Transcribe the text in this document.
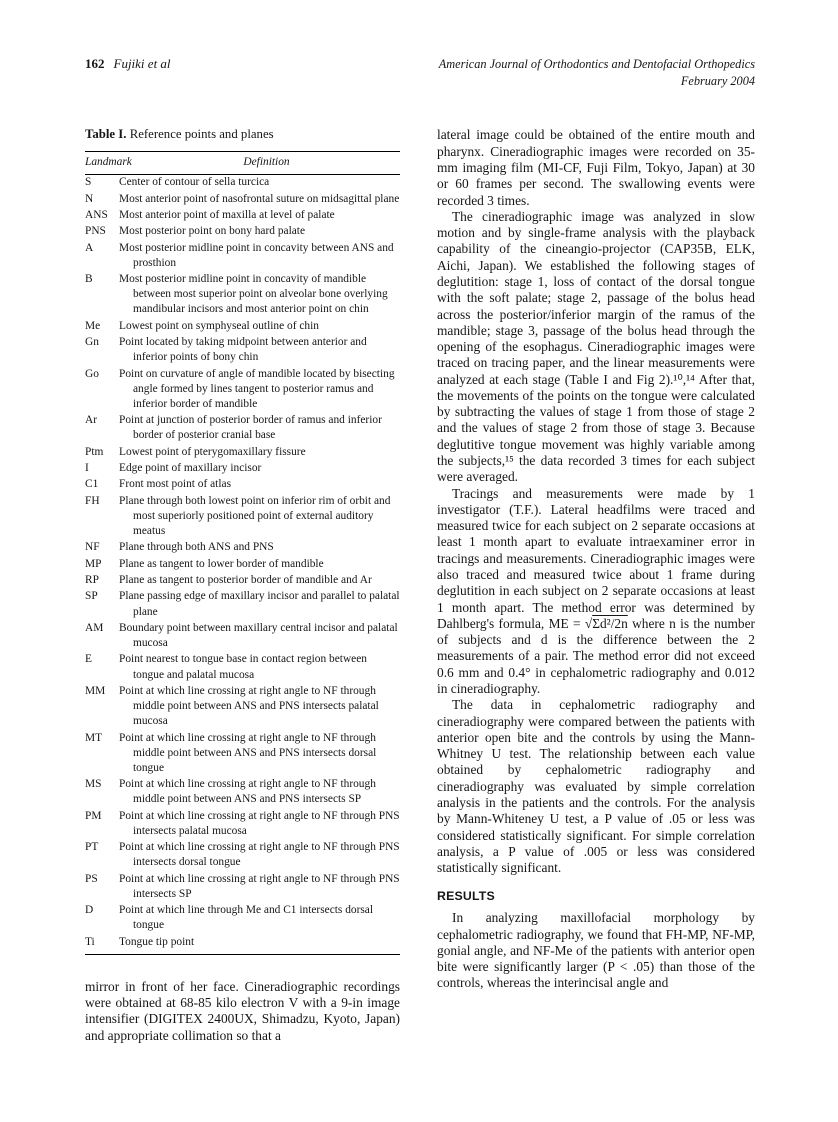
162 Fujiki et al	American Journal of Orthodontics and Dentofacial Orthopedics
February 2004
Table I. Reference points and planes
Landmark	Definition
S	Center of contour of sella turcica
N	Most anterior point of nasofrontal suture on midsagittal plane
ANS	Most anterior point of maxilla at level of palate
PNS	Most posterior point on bony hard palate
A	Most posterior midline point in concavity between ANS and prosthion
B	Most posterior midline point in concavity of mandible between most superior point on alveolar bone overlying mandibular incisors and most anterior point on chin
Me	Lowest point on symphyseal outline of chin
Gn	Point located by taking midpoint between anterior and inferior points of bony chin
Go	Point on curvature of angle of mandible located by bisecting angle formed by lines tangent to posterior ramus and inferior border of mandible
Ar	Point at junction of posterior border of ramus and inferior border of posterior cranial base
Ptm	Lowest point of pterygomaxillary fissure
I	Edge point of maxillary incisor
C1	Front most point of atlas
FH	Plane through both lowest point on inferior rim of orbit and most superiorly positioned point of external auditory meatus
NF	Plane through both ANS and PNS
MP	Plane as tangent to lower border of mandible
RP	Plane as tangent to posterior border of mandible and Ar
SP	Plane passing edge of maxillary incisor and parallel to palatal plane
AM	Boundary point between maxillary central incisor and palatal mucosa
E	Point nearest to tongue base in contact region between tongue and palatal mucosa
MM	Point at which line crossing at right angle to NF through middle point between ANS and PNS intersects palatal mucosa
MT	Point at which line crossing at right angle to NF through middle point between ANS and PNS intersects dorsal tongue
MS	Point at which line crossing at right angle to NF through middle point between ANS and PNS intersects SP
PM	Point at which line crossing at right angle to NF through PNS intersects palatal mucosa
PT	Point at which line crossing at right angle to NF through PNS intersects dorsal tongue
PS	Point at which line crossing at right angle to NF through PNS intersects SP
D	Point at which line through Me and C1 intersects dorsal tongue
Ti	Tongue tip point

mirror in front of her face. Cineradiographic recordings were obtained at 68-85 kilo electron V with a 9-in image intensifier (DIGITEX 2400UX, Shimadzu, Kyoto, Japan) and appropriate collimation so that a

lateral image could be obtained of the entire mouth and pharynx. Cineradiographic images were recorded on 35-mm imaging film (MI-CF, Fuji Film, Tokyo, Japan) at 30 or 60 frames per second. The swallowing events were recorded 3 times.

The cineradiographic image was analyzed in slow motion and by single-frame analysis with the playback capability of the cineangio-projector (CAP35B, ELK, Aichi, Japan). We established the following stages of deglutition: stage 1, loss of contact of the dorsal tongue with the soft palate; stage 2, passage of the bolus head across the posterior/inferior margin of the ramus of the mandible; stage 3, passage of the bolus head through the opening of the esophagus. Cineradiographic images were traced on tracing paper, and the linear measurements were analyzed at each stage (Table I and Fig 2).¹⁰,¹⁴ After that, the movements of the points on the tongue were calculated by subtracting the values of stage 1 from those of stage 2 and the values of stage 2 from those of stage 3. Because deglutitive tongue movement was highly variable among the subjects,¹⁵ the data recorded 3 times for each subject were averaged.

Tracings and measurements were made by 1 investigator (T.F.). Lateral headfilms were traced and measured twice for each subject on 2 separate occasions at least 1 month apart to evaluate intraexaminer error in tracings and measurements. Cineradiographic images were also traced and measured twice about 1 frame during deglutition in each subject on 2 separate occasions at least 1 month apart. The method error was determined by Dahlberg's formula, ME = √Σd²/2n where n is the number of subjects and d is the difference between the 2 measurements of a pair. The method error did not exceed 0.6 mm and 0.4° in cephalometric radiography and 0.012 in cineradiography.

The data in cephalometric radiography and cineradiography were compared between the patients with anterior open bite and the controls by using the Mann-Whitney U test. The relationship between each value obtained by cephalometric radiography and cineradiography was evaluated by simple correlation analysis in the patients and the controls. For the analysis by Mann-Whiteney U test, a P value of .05 or less was considered statistically significant. For simple correlation analysis, a P value of .005 or less was considered statistically significant.

RESULTS

In analyzing maxillofacial morphology by cephalometric radiography, we found that FH-MP, NF-MP, gonial angle, and NF-Me of the patients with anterior open bite were significantly larger (P < .05) than those of the controls, whereas the interincisal angle and
